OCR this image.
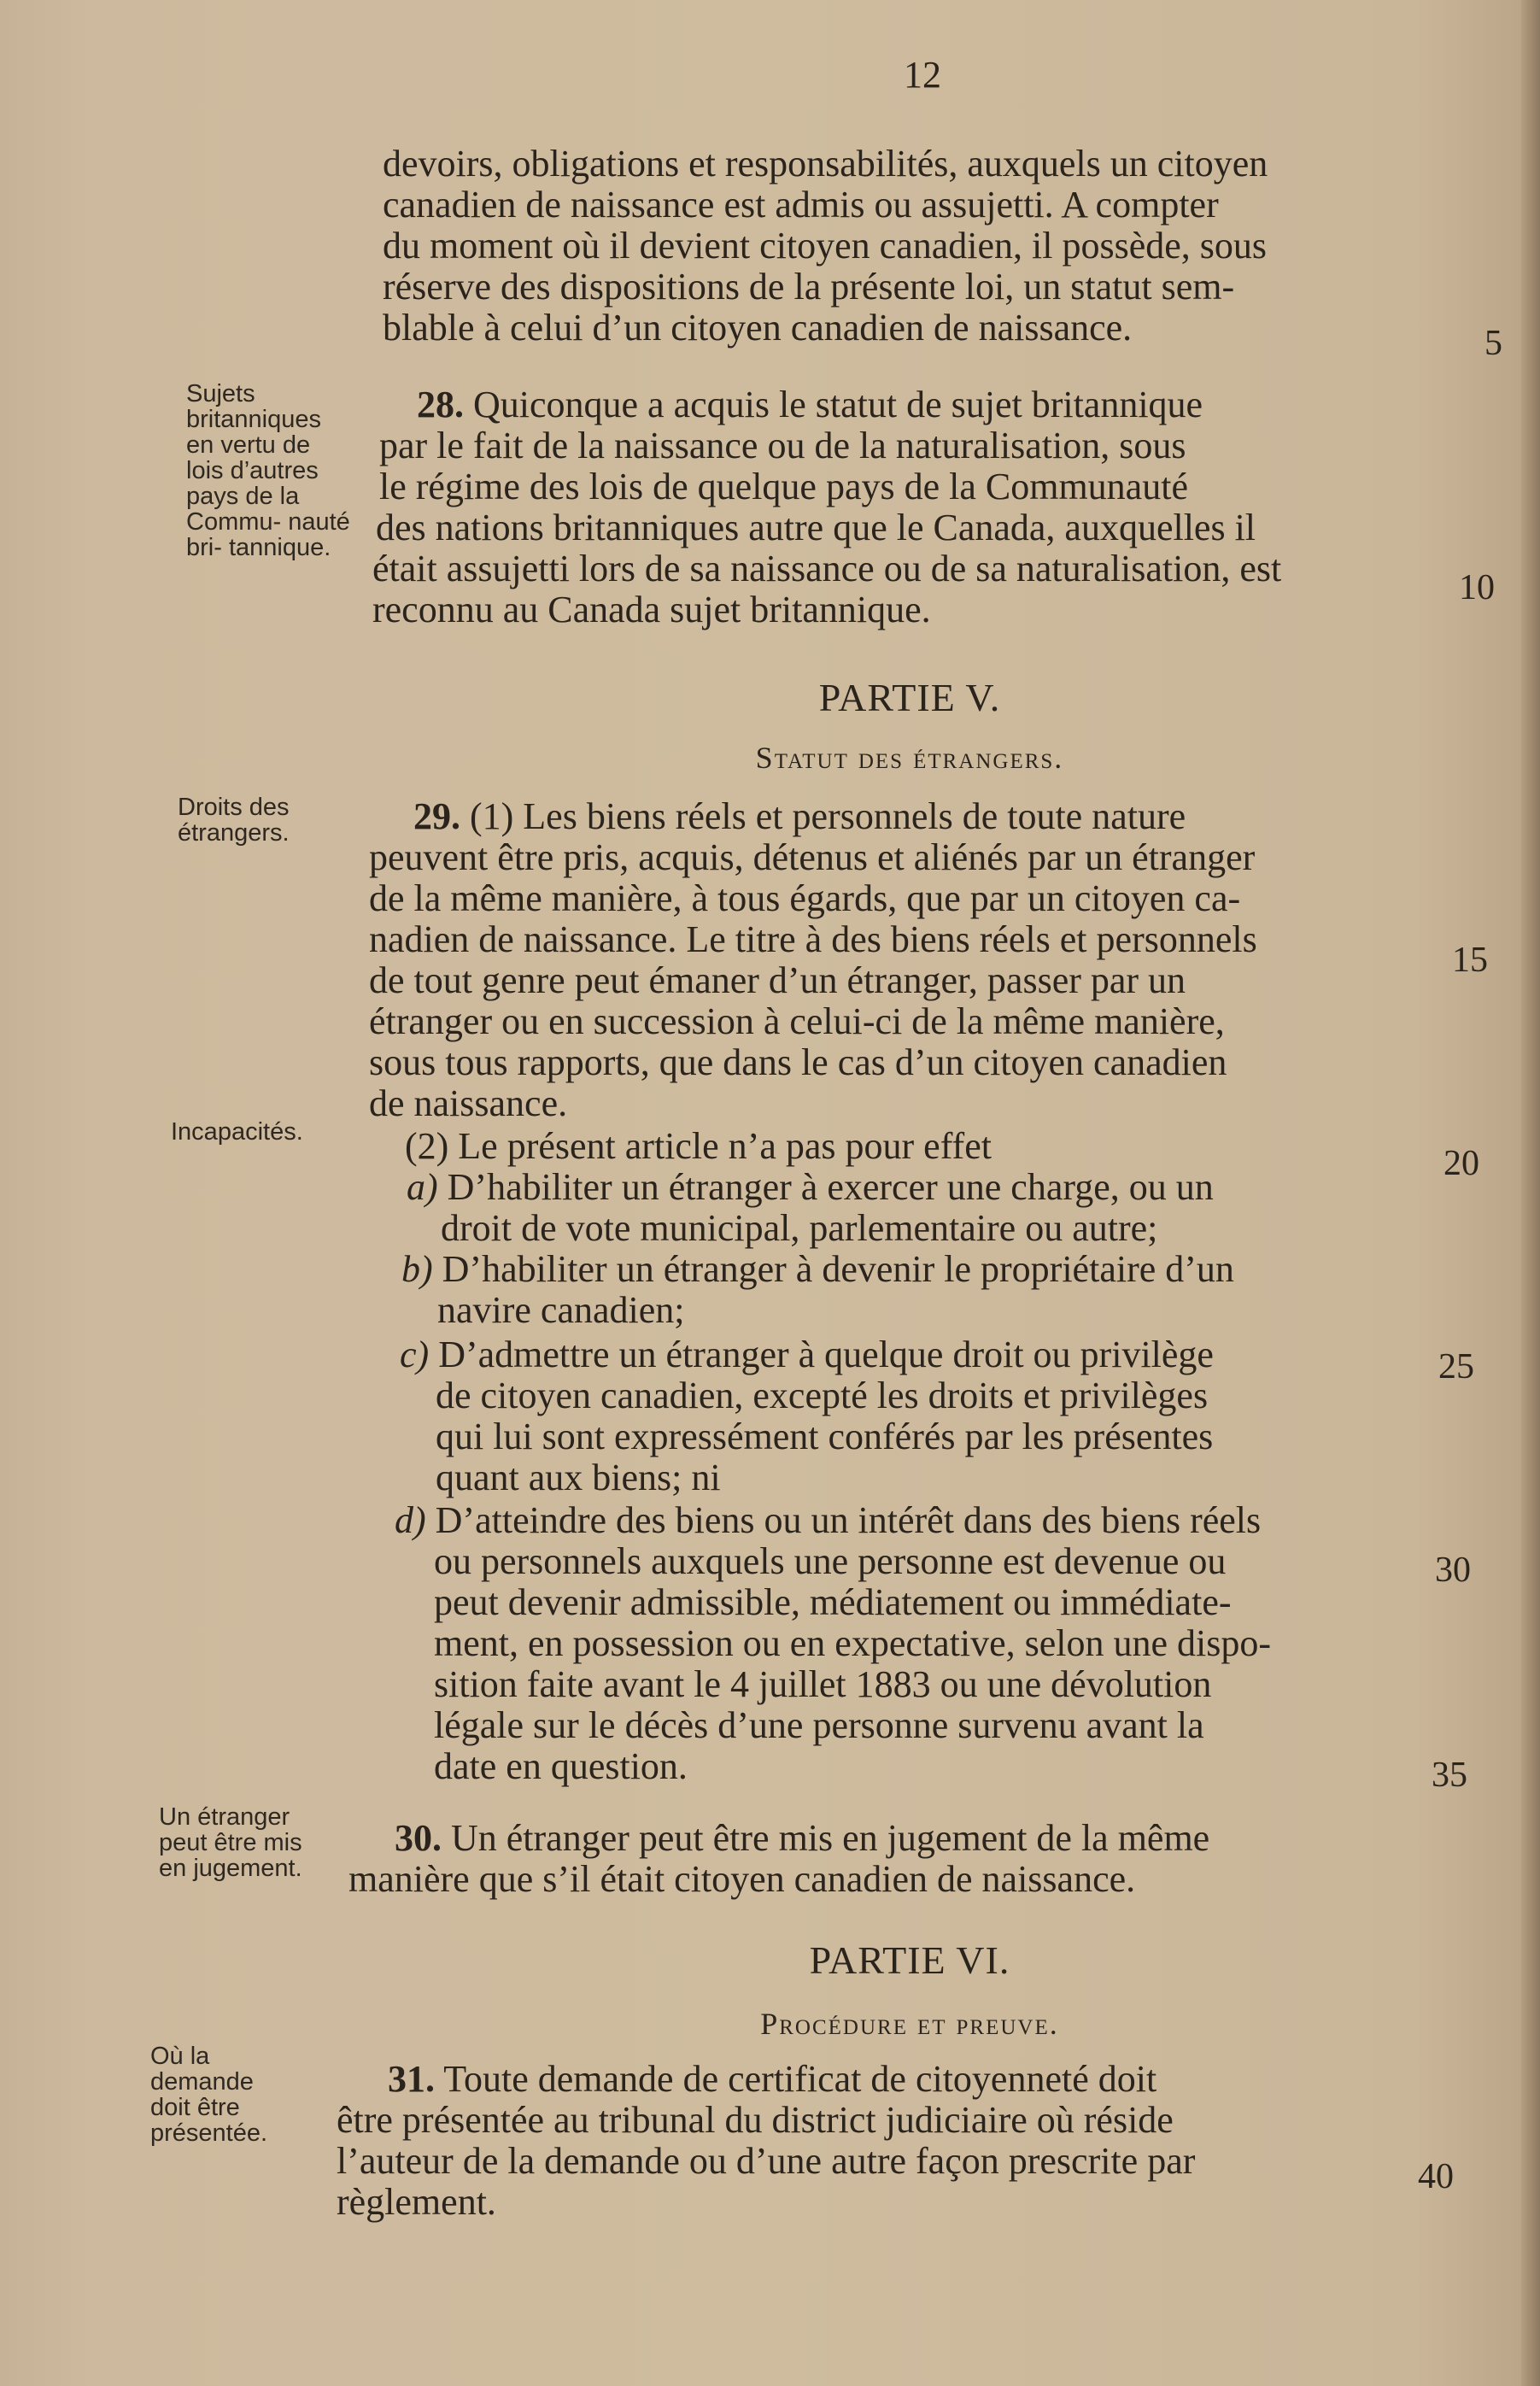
12
Sujets britanniques en vertu de lois d’autres pays de la Commu- nauté bri- tannique.
Droits des étrangers.
Incapacités.
Un étranger peut être mis en jugement.
Où la demande doit être présentée.
5
10
15
20
25
30
35
40
devoirs, obligations et responsabilités, auxquels un citoyen
canadien de naissance est admis ou assujetti. A compter
du moment où il devient citoyen canadien, il possède, sous
réserve des dispositions de la présente loi, un statut sem-
blable à celui d’un citoyen canadien de naissance.
28. Quiconque a acquis le statut de sujet britannique
par le fait de la naissance ou de la naturalisation, sous
le régime des lois de quelque pays de la Communauté
des nations britanniques autre que le Canada, auxquelles il
était assujetti lors de sa naissance ou de sa naturalisation, est
reconnu au Canada sujet britannique.
PARTIE V.
Statut des étrangers.
29. (1) Les biens réels et personnels de toute nature
peuvent être pris, acquis, détenus et aliénés par un étranger
de la même manière, à tous égards, que par un citoyen ca-
nadien de naissance. Le titre à des biens réels et personnels
de tout genre peut émaner d’un étranger, passer par un
étranger ou en succession à celui-ci de la même manière,
sous tous rapports, que dans le cas d’un citoyen canadien
de naissance.
(2) Le présent article n’a pas pour effet
a) D’habiliter un étranger à exercer une charge, ou un
droit de vote municipal, parlementaire ou autre;
b) D’habiliter un étranger à devenir le propriétaire d’un
navire canadien;
c) D’admettre un étranger à quelque droit ou privilège
de citoyen canadien, excepté les droits et privilèges
qui lui sont expressément conférés par les présentes
quant aux biens; ni
d) D’atteindre des biens ou un intérêt dans des biens réels
ou personnels auxquels une personne est devenue ou
peut devenir admissible, médiatement ou immédiate-
ment, en possession ou en expectative, selon une dispo-
sition faite avant le 4 juillet 1883 ou une dévolution
légale sur le décès d’une personne survenu avant la
date en question.
30. Un étranger peut être mis en jugement de la même
manière que s’il était citoyen canadien de naissance.
PARTIE VI.
Procédure et preuve.
31. Toute demande de certificat de citoyenneté doit
être présentée au tribunal du district judiciaire où réside
l’auteur de la demande ou d’une autre façon prescrite par
règlement.
